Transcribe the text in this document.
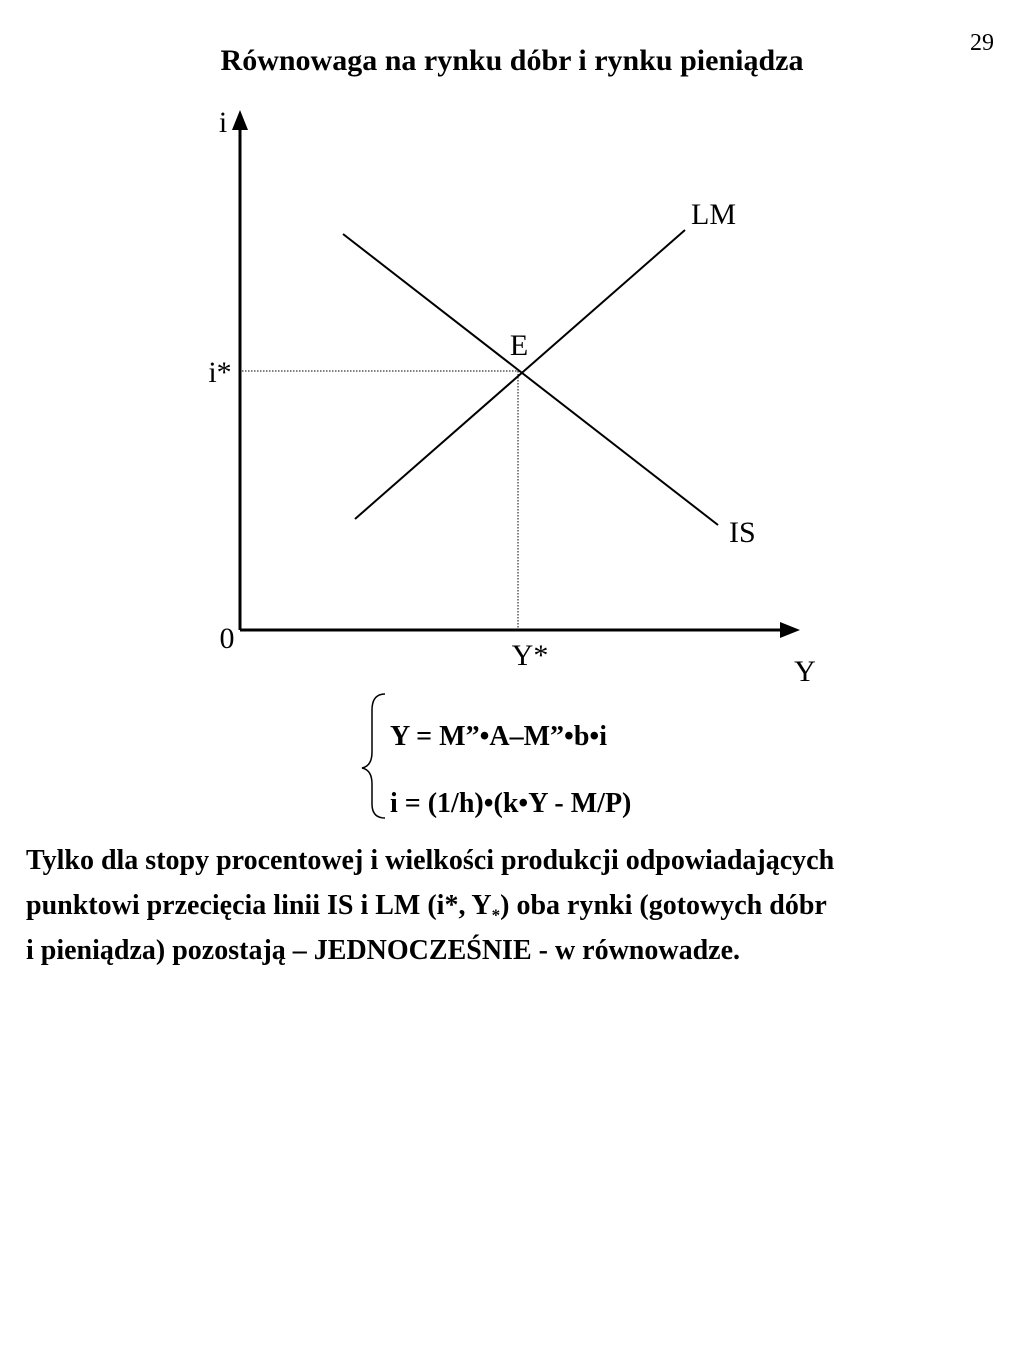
29
Równowaga na rynku dóbr i rynku pieniądza
i
Y
0
i*
Y*
E
LM
IS
Y = M”•A–M”•b•i
i = (1/h)•(k•Y - M/P)

Tylko dla stopy procentowej i wielkości produkcji odpowiadających
punktowi przecięcia linii IS i LM (i*, $Y_*$) oba rynki (gotowych dóbr
i pieniądza) pozostają – JEDNOCZEŚNIE - w równowadze.
